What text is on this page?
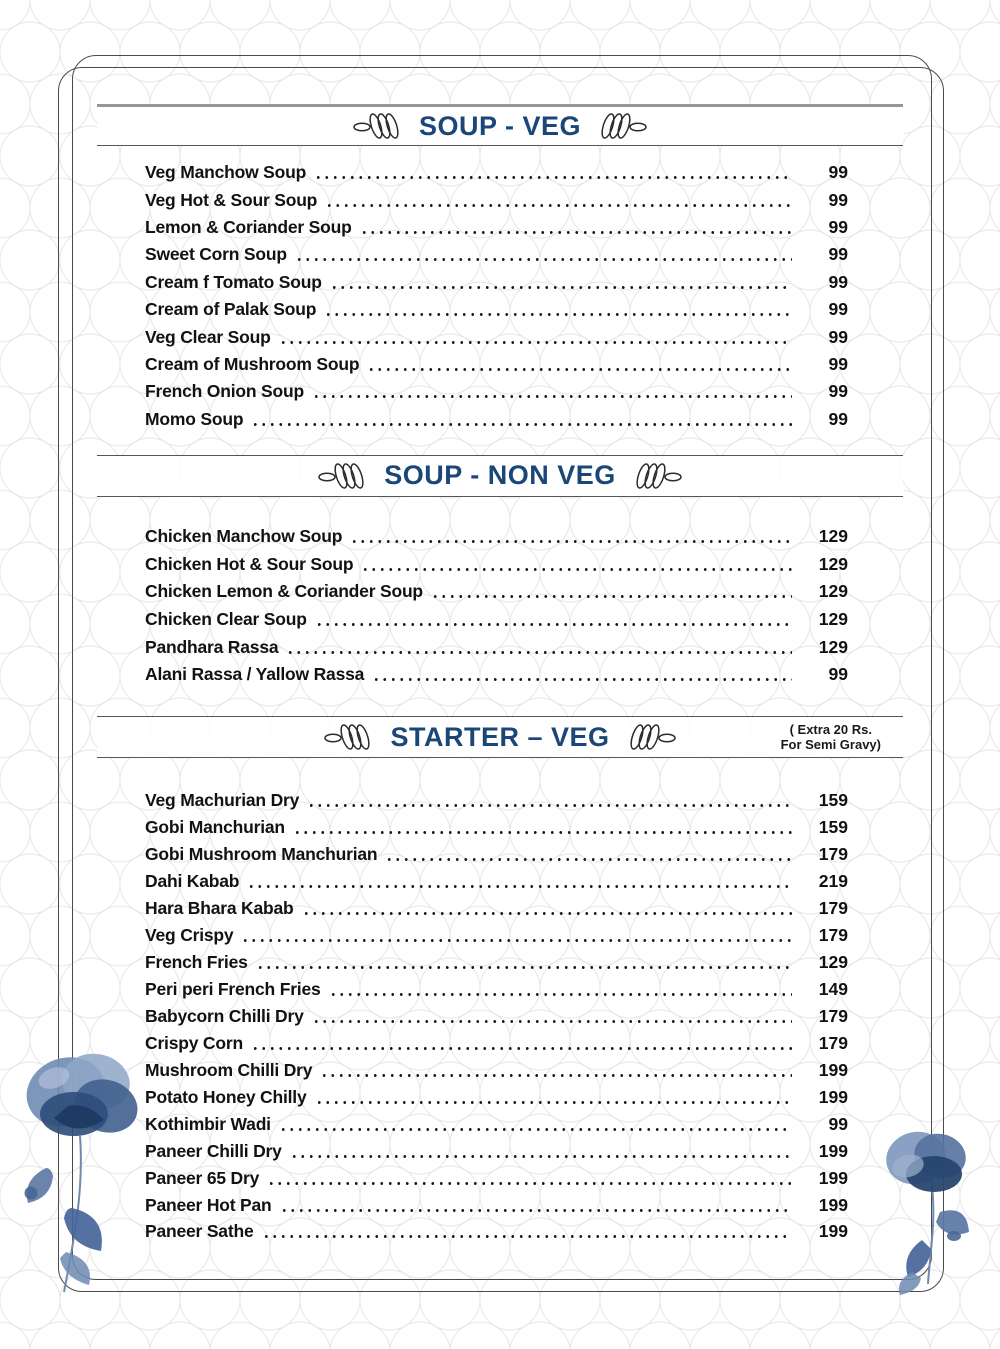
SOUP - VEG
Veg Manchow Soup	99
Veg Hot & Sour Soup	99
Lemon & Coriander Soup	99
Sweet Corn Soup	99
Cream f Tomato Soup	99
Cream of Palak Soup	99
Veg Clear Soup	99
Cream of Mushroom Soup	99
French Onion Soup	99
Momo Soup	99
SOUP - NON VEG
Chicken Manchow Soup	129
Chicken Hot & Sour Soup	129
Chicken Lemon & Coriander Soup	129
Chicken Clear Soup	129
Pandhara Rassa	129
Alani Rassa / Yallow Rassa	99
STARTER – VEG	( Extra 20 Rs.
For Semi Gravy)
Veg Machurian Dry	159
Gobi Manchurian	159
Gobi Mushroom Manchurian	179
Dahi Kabab	219
Hara Bhara Kabab	179
Veg Crispy	179
French Fries	129
Peri peri French Fries	149
Babycorn Chilli Dry	179
Crispy Corn	179
Mushroom Chilli Dry	199
Potato Honey Chilly	199
Kothimbir Wadi	99
Paneer Chilli Dry	199
Paneer 65 Dry	199
Paneer Hot Pan	199
Paneer Sathe	199
